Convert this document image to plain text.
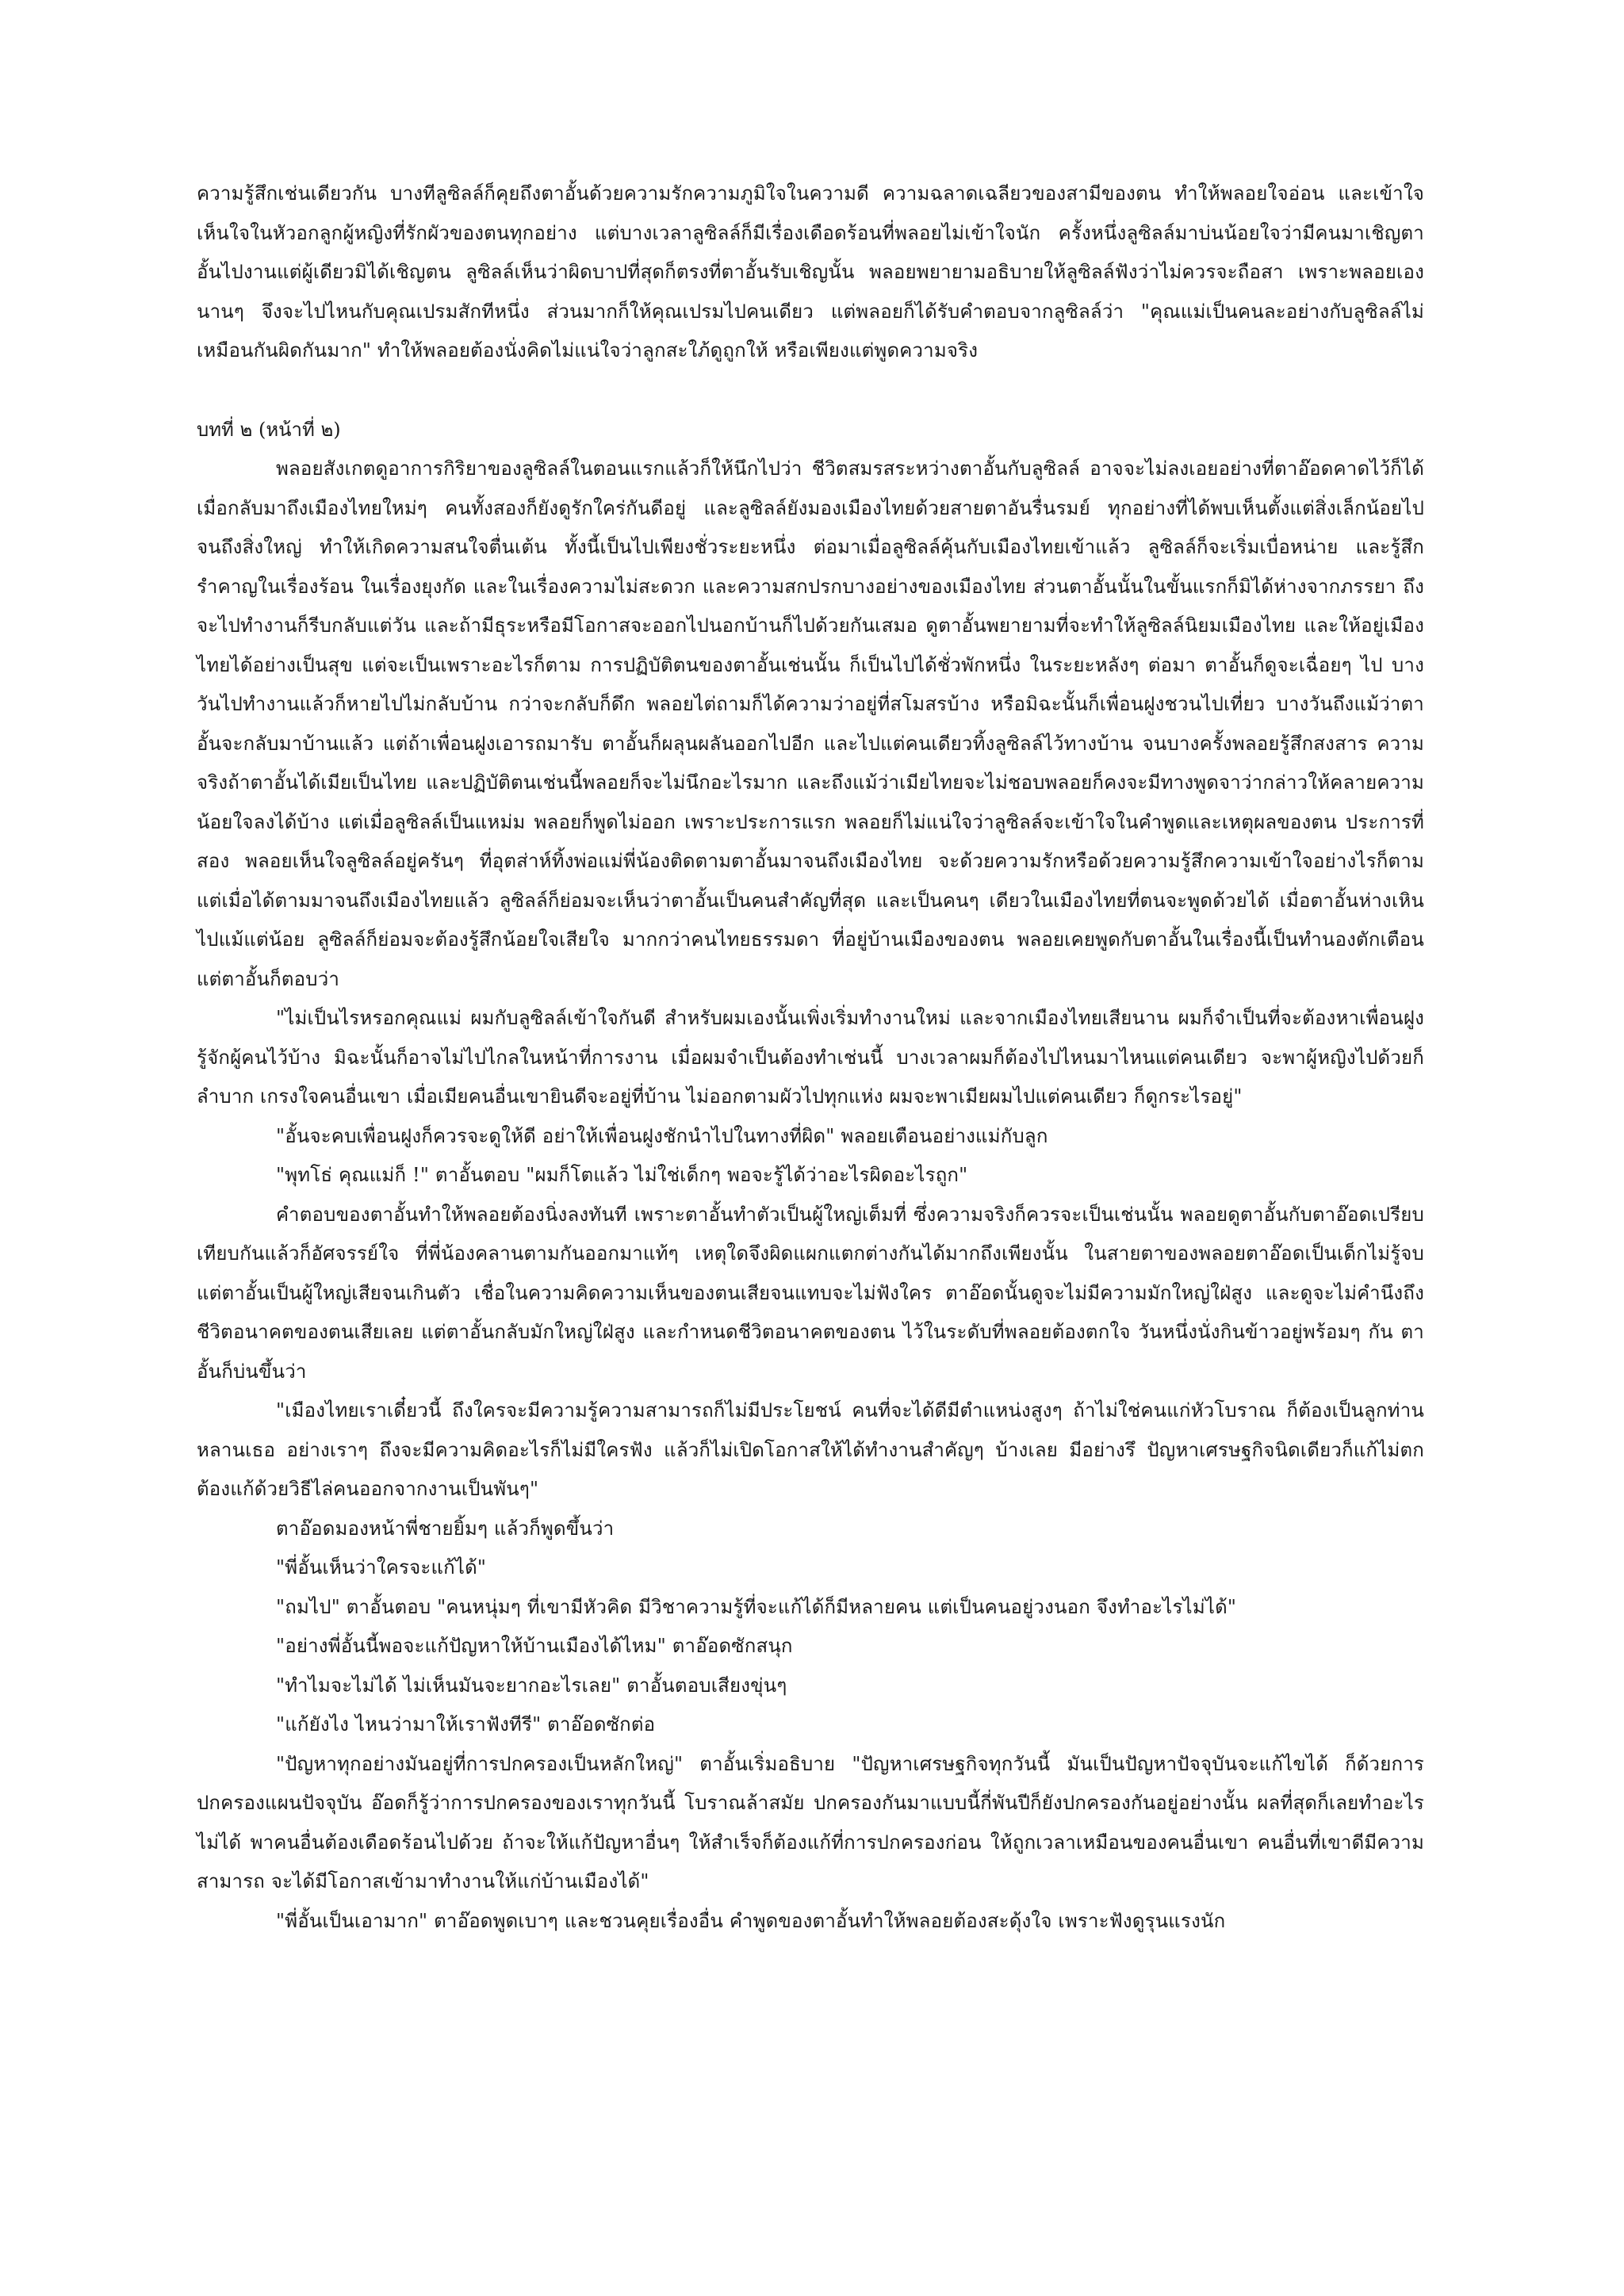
ความรู้สึกเช่นเดียวกัน บางทีลูซิลล์ก็คุยถึงตาอั้นด้วยความรักความภูมิใจในความดี ความฉลาดเฉลียวของสามีของตน ทำให้พลอยใจอ่อน และเข้าใจเห็นใจในหัวอกลูกผู้หญิงที่รักผัวของตนทุกอย่าง แต่บางเวลาลูซิลล์ก็มีเรื่องเดือดร้อนที่พลอยไม่เข้าใจนัก ครั้งหนึ่งลูซิลล์มาบ่นน้อยใจว่ามีคนมาเชิญตาอั้นไปงานแต่ผู้เดียวมิได้เชิญตน ลูซิลล์เห็นว่าผิดบาปที่สุดก็ตรงที่ตาอั้นรับเชิญนั้น พลอยพยายามอธิบายให้ลูซิลล์ฟังว่าไม่ควรจะถือสา เพราะพลอยเองนานๆ จึงจะไปไหนกับคุณเปรมสักทีหนึ่ง ส่วนมากก็ให้คุณเปรมไปคนเดียว แต่พลอยก็ได้รับคำตอบจากลูซิลล์ว่า "คุณแม่เป็นคนละอย่างกับลูซิลล์ไม่เหมือนกันผิดกันมาก" ทำให้พลอยต้องนั่งคิดไม่แน่ใจว่าลูกสะใภ้ดูถูกให้ หรือเพียงแต่พูดความจริง

บทที่ ๒ (หน้าที่ ๒)

พลอยสังเกตดูอาการกิริยาของลูซิลล์ในตอนแรกแล้วก็ให้นึกไปว่า ชีวิตสมรสระหว่างตาอั้นกับลูซิลล์ อาจจะไม่ลงเอยอย่างที่ตาอ๊อดคาดไว้ก็ได้ เมื่อกลับมาถึงเมืองไทยใหม่ๆ คนทั้งสองก็ยังดูรักใคร่กันดีอยู่ และลูซิลล์ยังมองเมืองไทยด้วยสายตาอันรื่นรมย์ ทุกอย่างที่ได้พบเห็นตั้งแต่สิ่งเล็กน้อยไปจนถึงสิ่งใหญ่ ทำให้เกิดความสนใจตื่นเต้น ทั้งนี้เป็นไปเพียงชั่วระยะหนึ่ง ต่อมาเมื่อลูซิลล์คุ้นกับเมืองไทยเข้าแล้ว ลูซิลล์ก็จะเริ่มเบื่อหน่าย และรู้สึกรำคาญในเรื่องร้อน ในเรื่องยุงกัด และในเรื่องความไม่สะดวก และความสกปรกบางอย่างของเมืองไทย ส่วนตาอั้นนั้นในขั้นแรกก็มิได้ห่างจากภรรยา ถึงจะไปทำงานก็รีบกลับแต่วัน และถ้ามีธุระหรือมีโอกาสจะออกไปนอกบ้านก็ไปด้วยกันเสมอ ดูตาอั้นพยายามที่จะทำให้ลูซิลล์นิยมเมืองไทย และให้อยู่เมืองไทยได้อย่างเป็นสุข แต่จะเป็นเพราะอะไรก็ตาม การปฏิบัติตนของตาอั้นเช่นนั้น ก็เป็นไปได้ชั่วพักหนึ่ง ในระยะหลังๆ ต่อมา ตาอั้นก็ดูจะเฉื่อยๆ ไป บางวันไปทำงานแล้วก็หายไปไม่กลับบ้าน กว่าจะกลับก็ดึก พลอยไต่ถามก็ได้ความว่าอยู่ที่สโมสรบ้าง หรือมิฉะนั้นก็เพื่อนฝูงชวนไปเที่ยว บางวันถึงแม้ว่าตาอั้นจะกลับมาบ้านแล้ว แต่ถ้าเพื่อนฝูงเอารถมารับ ตาอั้นก็ผลุนผลันออกไปอีก และไปแต่คนเดียวทิ้งลูซิลล์ไว้ทางบ้าน จนบางครั้งพลอยรู้สึกสงสาร ความจริงถ้าตาอั้นได้เมียเป็นไทย และปฏิบัติตนเช่นนี้พลอยก็จะไม่นึกอะไรมาก และถึงแม้ว่าเมียไทยจะไม่ชอบพลอยก็คงจะมีทางพูดจาว่ากล่าวให้คลายความน้อยใจลงได้บ้าง แต่เมื่อลูซิลล์เป็นแหม่ม พลอยก็พูดไม่ออก เพราะประการแรก พลอยก็ไม่แน่ใจว่าลูซิลล์จะเข้าใจในคำพูดและเหตุผลของตน ประการที่สอง พลอยเห็นใจลูซิลล์อยู่ครันๆ ที่อุตส่าห์ทิ้งพ่อแม่พี่น้องติดตามตาอั้นมาจนถึงเมืองไทย จะด้วยความรักหรือด้วยความรู้สึกความเข้าใจอย่างไรก็ตาม แต่เมื่อได้ตามมาจนถึงเมืองไทยแล้ว ลูซิลล์ก็ย่อมจะเห็นว่าตาอั้นเป็นคนสำคัญที่สุด และเป็นคนๆ เดียวในเมืองไทยที่ตนจะพูดด้วยได้ เมื่อตาอั้นห่างเหินไปแม้แต่น้อย ลูซิลล์ก็ย่อมจะต้องรู้สึกน้อยใจเสียใจ มากกว่าคนไทยธรรมดา ที่อยู่บ้านเมืองของตน พลอยเคยพูดกับตาอั้นในเรื่องนี้เป็นทำนองตักเตือน แต่ตาอั้นก็ตอบว่า

"ไม่เป็นไรหรอกคุณแม่ ผมกับลูซิลล์เข้าใจกันดี สำหรับผมเองนั้นเพิ่งเริ่มทำงานใหม่ และจากเมืองไทยเสียนาน ผมก็จำเป็นที่จะต้องหาเพื่อนฝูงรู้จักผู้คนไว้บ้าง มิฉะนั้นก็อาจไม่ไปไกลในหน้าที่การงาน เมื่อผมจำเป็นต้องทำเช่นนี้ บางเวลาผมก็ต้องไปไหนมาไหนแต่คนเดียว จะพาผู้หญิงไปด้วยก็ลำบาก เกรงใจคนอื่นเขา เมื่อเมียคนอื่นเขายินดีจะอยู่ที่บ้าน ไม่ออกตามผัวไปทุกแห่ง ผมจะพาเมียผมไปแต่คนเดียว ก็ดูกระไรอยู่"

"อั้นจะคบเพื่อนฝูงก็ควรจะดูให้ดี อย่าให้เพื่อนฝูงชักนำไปในทางที่ผิด" พลอยเตือนอย่างแม่กับลูก

"พุทโธ่ คุณแม่ก็ !" ตาอั้นตอบ "ผมก็โตแล้ว ไม่ใช่เด็กๆ พอจะรู้ได้ว่าอะไรผิดอะไรถูก"

คำตอบของตาอั้นทำให้พลอยต้องนิ่งลงทันที เพราะตาอั้นทำตัวเป็นผู้ใหญ่เต็มที่ ซึ่งความจริงก็ควรจะเป็นเช่นนั้น พลอยดูตาอั้นกับตาอ๊อดเปรียบเทียบกันแล้วก็อัศจรรย์ใจ ที่พี่น้องคลานตามกันออกมาแท้ๆ เหตุใดจึงผิดแผกแตกต่างกันได้มากถึงเพียงนั้น ในสายตาของพลอยตาอ๊อดเป็นเด็กไม่รู้จบ แต่ตาอั้นเป็นผู้ใหญ่เสียจนเกินตัว เชื่อในความคิดความเห็นของตนเสียจนแทบจะไม่ฟังใคร ตาอ๊อดนั้นดูจะไม่มีความมักใหญ่ใฝ่สูง และดูจะไม่คำนึงถึงชีวิตอนาคตของตนเสียเลย แต่ตาอั้นกลับมักใหญ่ใฝ่สูง และกำหนดชีวิตอนาคตของตน ไว้ในระดับที่พลอยต้องตกใจ วันหนึ่งนั่งกินข้าวอยู่พร้อมๆ กัน ตาอั้นก็บ่นขึ้นว่า

"เมืองไทยเราเดี๋ยวนี้ ถึงใครจะมีความรู้ความสามารถก็ไม่มีประโยชน์ คนที่จะได้ดีมีตำแหน่งสูงๆ ถ้าไม่ใช่คนแก่หัวโบราณ ก็ต้องเป็นลูกท่านหลานเธอ อย่างเราๆ ถึงจะมีความคิดอะไรก็ไม่มีใครฟัง แล้วก็ไม่เปิดโอกาสให้ได้ทำงานสำคัญๆ บ้างเลย มีอย่างรึ ปัญหาเศรษฐกิจนิดเดียวก็แก้ไม่ตก ต้องแก้ด้วยวิธีไล่คนออกจากงานเป็นพันๆ"

ตาอ๊อดมองหน้าพี่ชายยิ้มๆ แล้วก็พูดขึ้นว่า

"พี่อั้นเห็นว่าใครจะแก้ได้"

"ถมไป" ตาอั้นตอบ "คนหนุ่มๆ ที่เขามีหัวคิด มีวิชาความรู้ที่จะแก้ได้ก็มีหลายคน แต่เป็นคนอยู่วงนอก จึงทำอะไรไม่ได้"

"อย่างพี่อั้นนี้พอจะแก้ปัญหาให้บ้านเมืองได้ไหม" ตาอ๊อดซักสนุก

"ทำไมจะไม่ได้ ไม่เห็นมันจะยากอะไรเลย" ตาอั้นตอบเสียงขุ่นๆ

"แก้ยังไง ไหนว่ามาให้เราฟังทีรี" ตาอ๊อดซักต่อ

"ปัญหาทุกอย่างมันอยู่ที่การปกครองเป็นหลักใหญ่" ตาอั้นเริ่มอธิบาย "ปัญหาเศรษฐกิจทุกวันนี้ มันเป็นปัญหาปัจจุบันจะแก้ไขได้ ก็ด้วยการปกครองแผนปัจจุบัน อ๊อดก็รู้ว่าการปกครองของเราทุกวันนี้ โบราณล้าสมัย ปกครองกันมาแบบนี้กี่พันปีก็ยังปกครองกันอยู่อย่างนั้น ผลที่สุดก็เลยทำอะไรไม่ได้ พาคนอื่นต้องเดือดร้อนไปด้วย ถ้าจะให้แก้ปัญหาอื่นๆ ให้สำเร็จก็ต้องแก้ที่การปกครองก่อน ให้ถูกเวลาเหมือนของคนอื่นเขา คนอื่นที่เขาดีมีความสามารถ จะได้มีโอกาสเข้ามาทำงานให้แก่บ้านเมืองได้"

"พี่อั้นเป็นเอามาก" ตาอ๊อดพูดเบาๆ และชวนคุยเรื่องอื่น คำพูดของตาอั้นทำให้พลอยต้องสะดุ้งใจ เพราะฟังดูรุนแรงนัก
